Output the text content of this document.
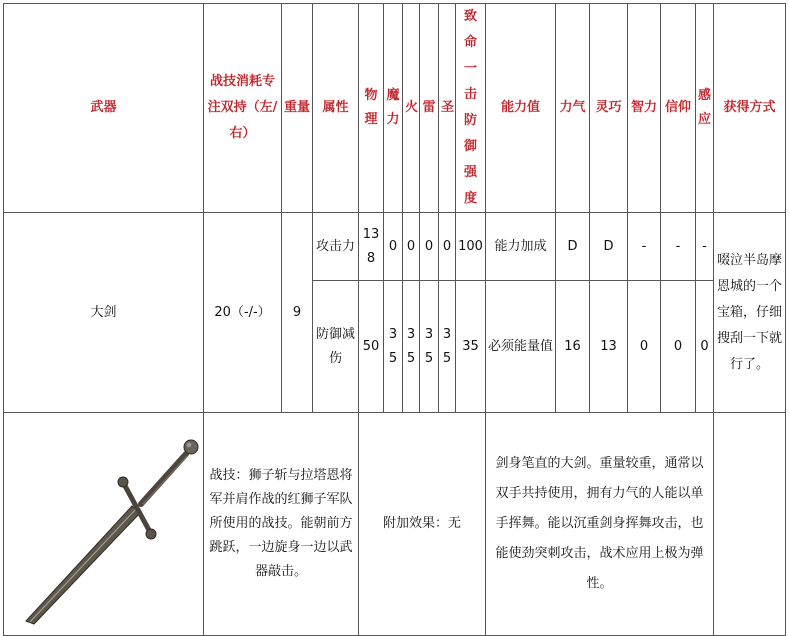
武器	战技消耗专注双持（左/右）	重量	属性	物理	魔力	火	雷	圣	致命一击防御强度	能力值	力气	灵巧	智力	信仰	感应	获得方式
大剑	20（-/-）	9	攻击力	138	0	0	0	0	100	能力加成	D	D	-	-	-	啜泣半岛摩恩城的一个宝箱，仔细搜刮一下就行了。
			防御减伤	50	35	35	35	35	35	必须能量值	16	13	0	0	0	

	战技：狮子斩与拉塔恩将军并肩作战的红狮子军队所使用的战技。能朝前方跳跃，一边旋身一边以武器敲击。			附加效果：无						剑身笔直的大剑。重量较重，通常以双手共持使用，拥有力气的人能以单手挥舞。能以沉重剑身挥舞攻击，也能使劲突刺攻击，战术应用上极为弹性。						
